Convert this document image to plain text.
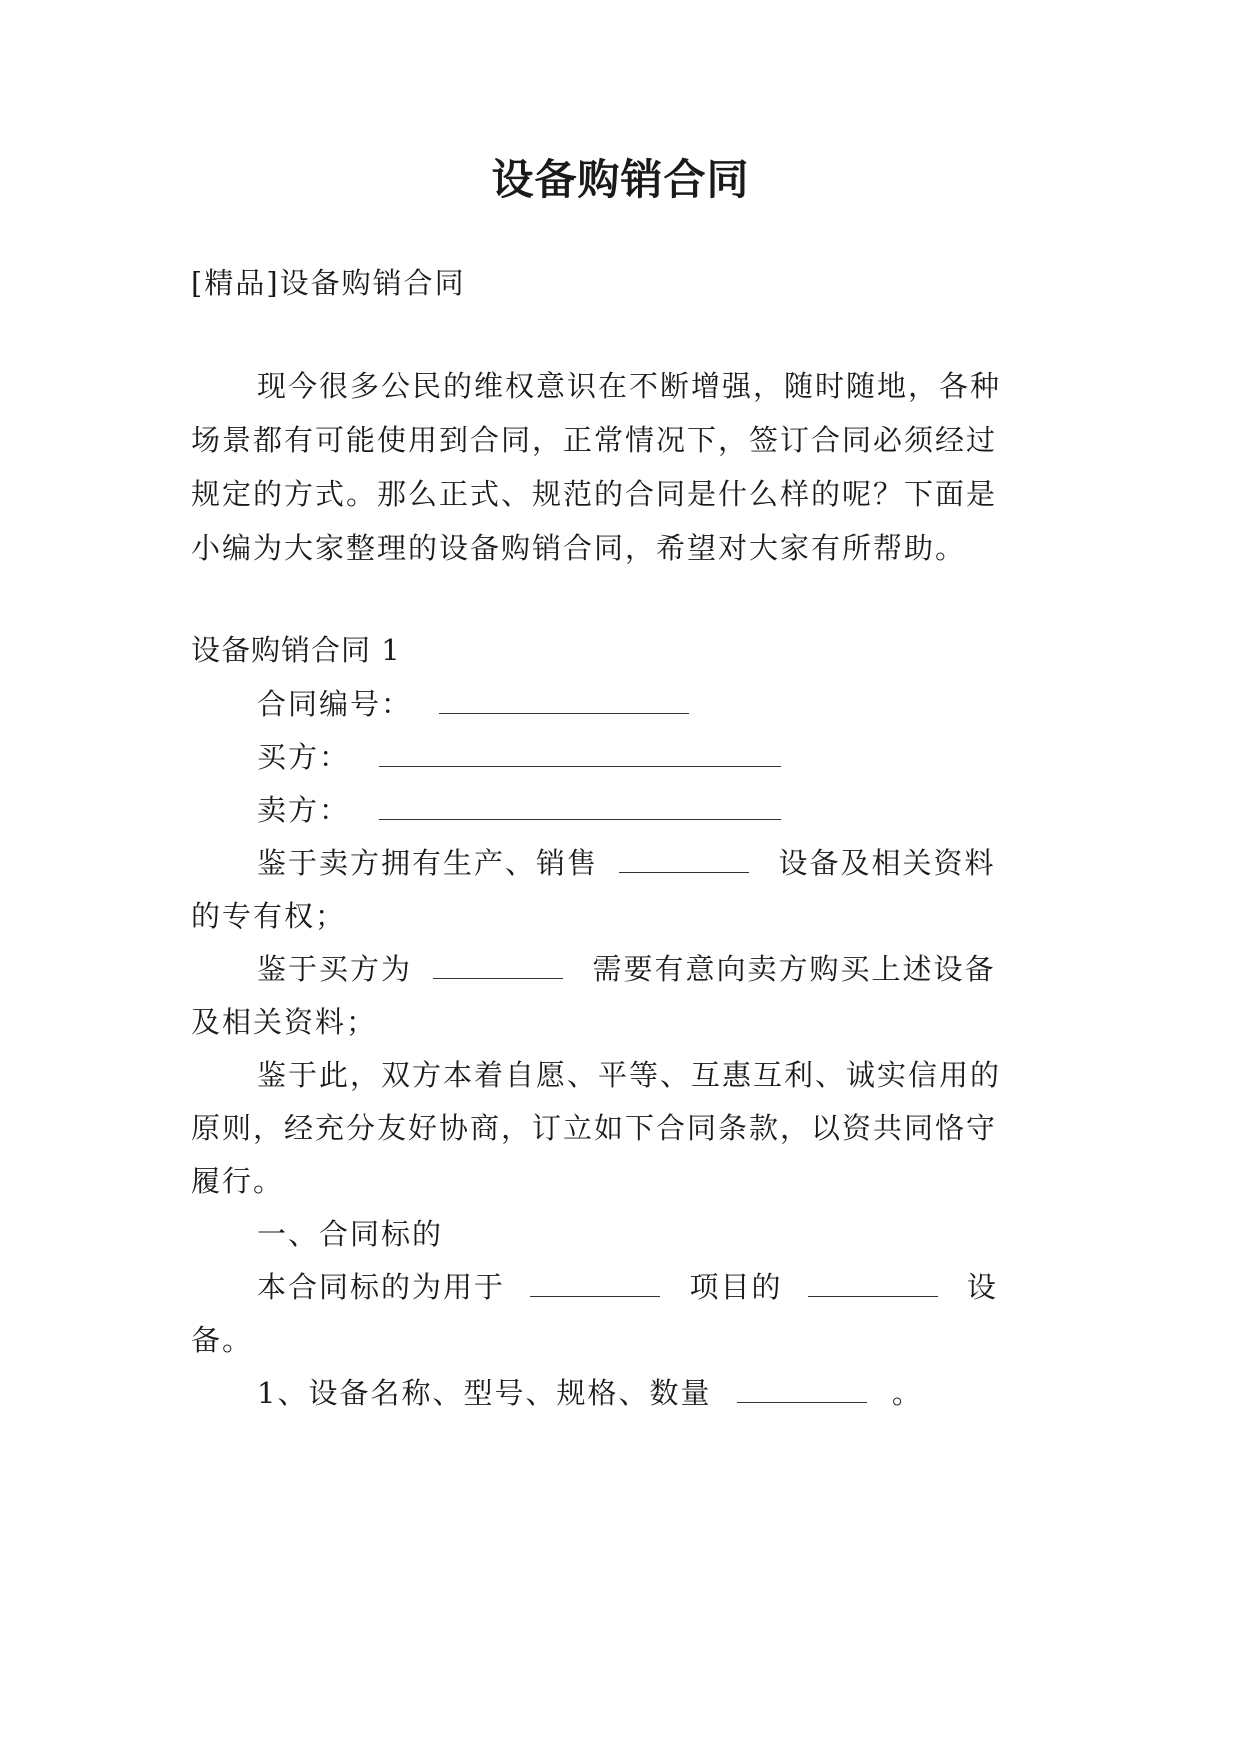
设备购销合同
[精品]设备购销合同
现今很多公民的维权意识在不断增强，随时随地，各种
场景都有可能使用到合同，正常情况下，签订合同必须经过
规定的方式。那么正式、规范的合同是什么样的呢？下面是
小编为大家整理的设备购销合同，希望对大家有所帮助。
设备购销合同 1
合同编号：
买方：
卖方：
鉴于卖方拥有生产、销售	设备及相关资料
的专有权；
鉴于买方为	需要有意向卖方购买上述设备
及相关资料；
鉴于此，双方本着自愿、平等、互惠互利、诚实信用的
原则，经充分友好协商，订立如下合同条款，以资共同恪守
履行。
一、合同标的
本合同标的为用于	项目的	设
备。
1、设备名称、型号、规格、数量	。
